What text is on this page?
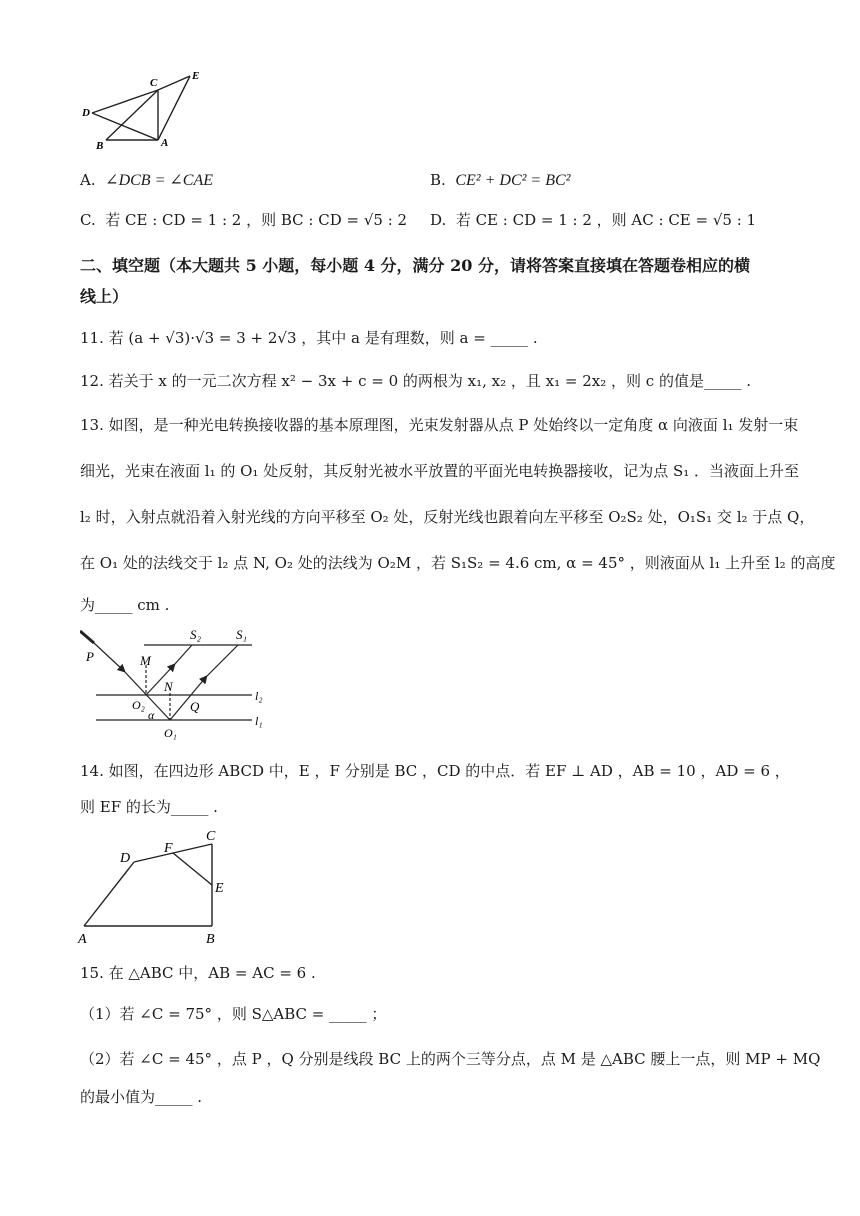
C
E
D
B	A
A. ∠DCB = ∠CAE	B. CE² + DC² = BC²
C. 若 CE : CD = 1 : 2 ，则 BC : CD = √5 : 2 D. 若 CE : CD = 1 : 2 ，则 AC : CE = √5 : 1
二、填空题（本大题共 5 小题，每小题 4 分，满分 20 分，请将答案直接填在答题卷相应的横
线上）
11. 若 (a + √3)·√3 = 3 + 2√3 ，其中 a 是有理数，则 a = _____ .
12. 若关于 x 的一元二次方程 x² − 3x + c = 0 的两根为 x₁, x₂ ，且 x₁ = 2x₂ ，则 c 的值是_____ .
13. 如图，是一种光电转换接收器的基本原理图，光束发射器从点 P 处始终以一定角度 α 向液面 l₁ 发射一束
细光，光束在液面 l₁ 的 O₁ 处反射，其反射光被水平放置的平面光电转换器接收，记为点 S₁ ．当液面上升至
l₂ 时，入射点就沿着入射光线的方向平移至 O₂ 处，反射光线也跟着向左平移至 O₂S₂ 处，O₁S₁ 交 l₂ 于点 Q，
在 O₁ 处的法线交于 l₂ 点 N, O₂ 处的法线为 O₂M ，若 S₁S₂ = 4.6 cm, α = 45° ，则液面从 l₁ 上升至 l₂ 的高度
为_____ cm .
P
S₂	S₁
M
N
O₂	Q
α
O₁
l₂
l₁
14. 如图，在四边形 ABCD 中，E ，F 分别是 BC ，CD 的中点．若 EF ⊥ AD ，AB = 10 ，AD = 6 ，
则 EF 的长为_____ .
C
D
F
E
A	B
15. 在 △ABC 中，AB = AC = 6 .
（1）若 ∠C = 75° ，则 S△ABC = _____ ；
（2）若 ∠C = 45° ，点 P ，Q 分别是线段 BC 上的两个三等分点，点 M 是 △ABC 腰上一点，则 MP + MQ
的最小值为_____ .
